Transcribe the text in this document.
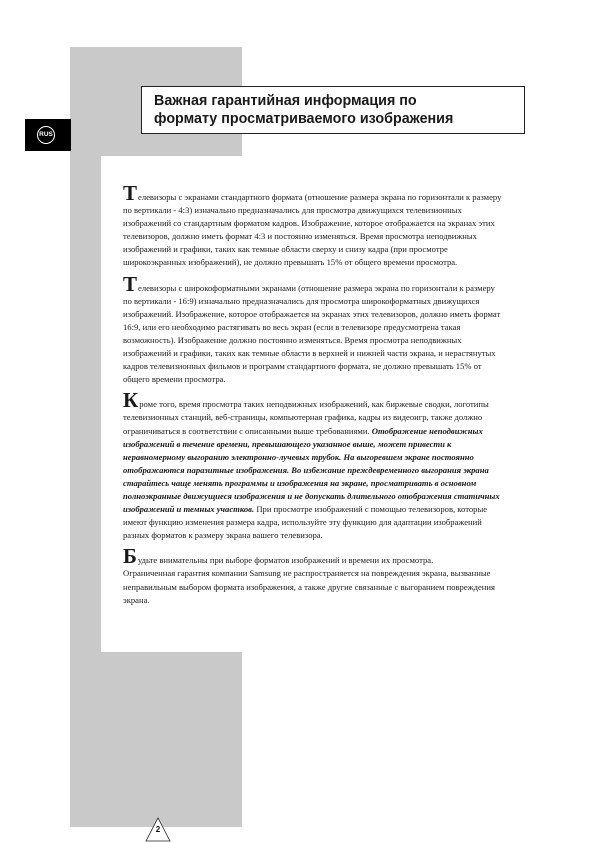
Важная гарантийная информация по
формату просматриваемого изображения
RUS

Телевизоры с экранами стандартного формата (отношение размера экрана по горизонтали к размеру
по вертикали - 4:3) изначально предназначались для просмотра движущихся телевизионных
изображений со стандартным форматом кадров. Изображение, которое отображается на экранах этих
телевизоров, должно иметь формат 4:3 и постоянно изменяться. Время просмотра неподвижных
изображений и графики, таких как темные области сверху и снизу кадра (при просмотре
широкоэкранных изображений), не должно превышать 15% от общего времени просмотра.

Телевизоры с широкоформатными экранами (отношение размера экрана по горизонтали к размеру
по вертикали - 16:9) изначально предназначались для просмотра широкоформатных движущихся
изображений. Изображение, которое отображается на экранах этих телевизоров, должно иметь формат
16:9, или его необходимо растягивать во весь экран (если в телевизоре предусмотрена такая
возможность). Изображение должно постоянно изменяться. Время просмотра неподвижных
изображений и графики, таких как темные области в верхней и нижней части экрана, и нерастянутых
кадров телевизионных фильмов и программ стандартного формата, не должно превышать 15% от
общего времени просмотра.

Кроме того, время просмотра таких неподвижных изображений, как биржевые сводки, логотипы
телевизионных станций, веб-страницы, компьютерная графика, кадры из видеоигр, также должно
ограничиваться в соответствии с описанными выше требованиями. Отображение неподвижных
изображений в течение времени, превышающего указанное выше, может привести к
неравномерному выгоранию электронно-лучевых трубок. На выгоревшем экране постоянно
отображаются паразитные изображения. Во избежание преждевременного выгорания экрана
старайтесь чаще менять программы и изображения на экране, просматривать в основном
полноэкранные движущиеся изображения и не допускать длительного отображения статичных
изображений и темных участков. При просмотре изображений с помощью телевизоров, которые
имеют функцию изменения размера кадра, используйте эту функцию для адаптации изображений
разных форматов к размеру экрана вашего телевизора.

Будьте внимательны при выборе форматов изображений и времени их просмотра.
Ограниченная гарантия компании Samsung не распространяется на повреждения экрана, вызванные
неправильным выбором формата изображения, а также другие связанные с выгоранием повреждения
экрана.

2
